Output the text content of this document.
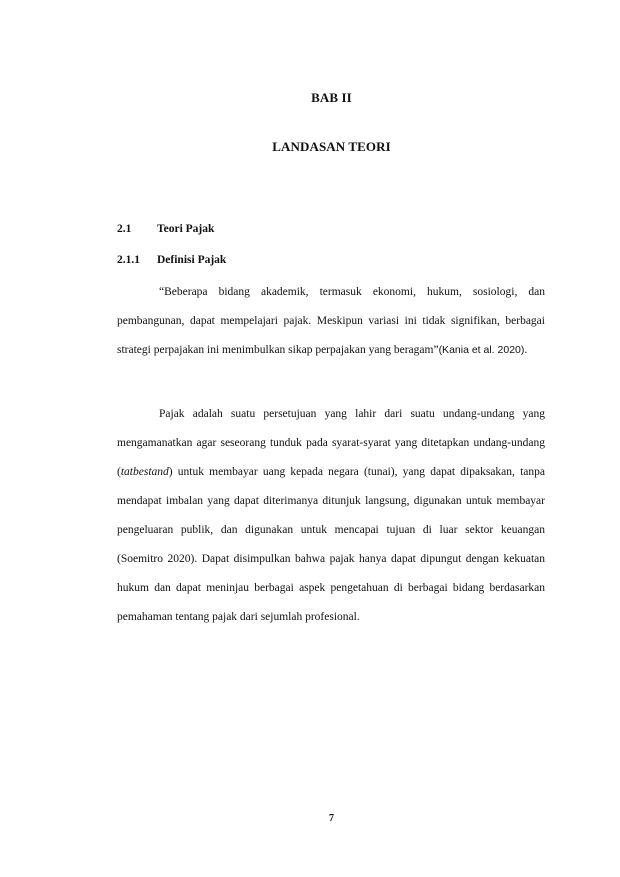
BAB II
LANDASAN TEORI
2.1 Teori Pajak
2.1.1 Definisi Pajak

“Beberapa bidang akademik, termasuk ekonomi, hukum, sosiologi, dan pembangunan, dapat mempelajari pajak. Meskipun variasi ini tidak signifikan, berbagai strategi perpajakan ini menimbulkan sikap perpajakan yang beragam”(Kania et al. 2020).

Pajak adalah suatu persetujuan yang lahir dari suatu undang-undang yang mengamanatkan agar seseorang tunduk pada syarat-syarat yang ditetapkan undang-undang (tatbestand) untuk membayar uang kepada negara (tunai), yang dapat dipaksakan, tanpa mendapat imbalan yang dapat diterimanya ditunjuk langsung, digunakan untuk membayar pengeluaran publik, dan digunakan untuk mencapai tujuan di luar sektor keuangan (Soemitro 2020). Dapat disimpulkan bahwa pajak hanya dapat dipungut dengan kekuatan hukum dan dapat meninjau berbagai aspek pengetahuan di berbagai bidang berdasarkan pemahaman tentang pajak dari sejumlah profesional.

7
